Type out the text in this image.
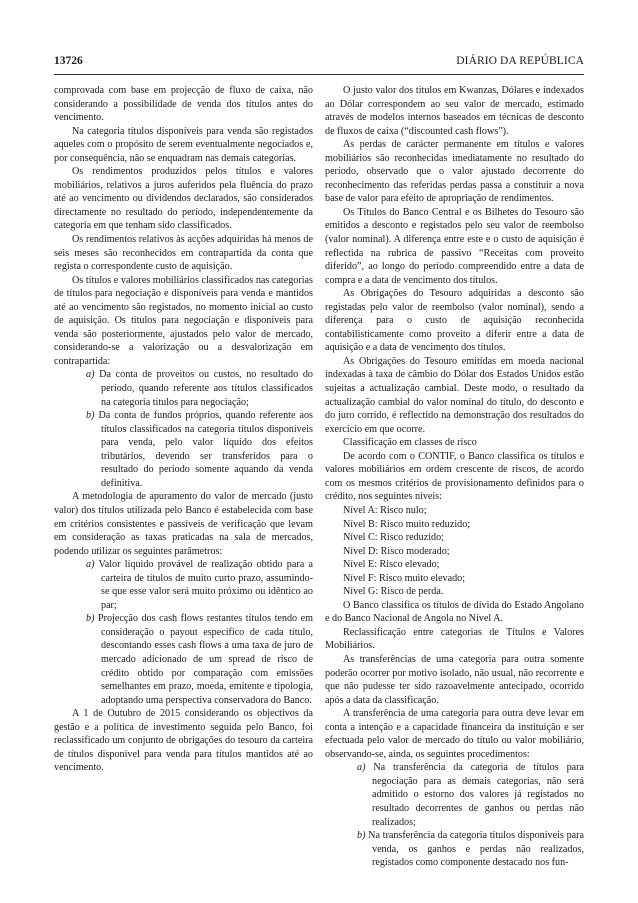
13726	DIÁRIO DA REPÚBLICA

comprovada com base em projecção de fluxo de caixa, não considerando a possibilidade de venda dos títulos antes do vencimento.

Na categoria títulos disponíveis para venda são registados aqueles com o propósito de serem eventualmente negociados e, por consequência, não se enquadram nas demais categorias.

Os rendimentos produzidos pelos títulos e valores mobiliários, relativos a juros auferidos pela fluência do prazo até ao vencimento ou dividendos declarados, são considerados directamente no resultado do período, independentemente da categoria em que tenham sido classificados.

Os rendimentos relativos às acções adquiridas há menos de seis meses são reconhecidos em contrapartida da conta que regista o correspondente custo de aquisição.

Os títulos e valores mobiliários classificados nas categorias de títulos para negociação e disponíveis para venda e mantidos até ao vencimento são registados, no momento inicial ao custo de aquisição. Os títulos para negociação e disponíveis para venda são posteriormente, ajustados pelo valor de mercado, considerando-se a valorização ou a desvalorização em contrapartida:

a) Da conta de proveitos ou custos, no resultado do período, quando referente aos títulos classificados na categoria títulos para negociação;

b) Da conta de fundos próprios, quando referente aos títulos classificados na categoria títulos disponíveis para venda, pelo valor líquido dos efeitos tributários, devendo ser transferidos para o resultado do período somente aquando da venda definitiva.

A metodologia de apuramento do valor de mercado (justo valor) dos títulos utilizada pelo Banco é estabelecida com base em critérios consistentes e passíveis de verificação que levam em consideração as taxas praticadas na sala de mercados, podendo utilizar os seguintes parâmetros:

a) Valor líquido provável de realização obtido para a carteira de títulos de muito curto prazo, assumindo-se que esse valor será muito próximo ou idêntico ao par;

b) Projecção dos cash flows restantes títulos tendo em consideração o payout específico de cada título, descontando esses cash flows a uma taxa de juro de mercado adicionado de um spread de risco de crédito obtido por comparação com emissões semelhantes em prazo, moeda, emitente e tipologia, adoptando uma perspectiva conservadora do Banco.

A 1 de Outubro de 2015 considerando os objectivos da gestão e a política de investimento seguida pelo Banco, foi reclassificado um conjunto de obrigações do tesouro da carteira de títulos disponível para venda para títulos mantidos até ao vencimento.

O justo valor dos títulos em Kwanzas, Dólares e indexados ao Dólar correspondem ao seu valor de mercado, estimado através de modelos internos baseados em técnicas de desconto de fluxos de caixa (“discounted cash flows”).

As perdas de carácter permanente em títulos e valores mobiliários são reconhecidas imediatamente no resultado do período, observado que o valor ajustado decorrente do reconhecimento das referidas perdas passa a constituir a nova base de valor para efeito de apropriação de rendimentos.

Os Títulos do Banco Central e os Bilhetes do Tesouro são emitidos a desconto e registados pelo seu valor de reembolso (valor nominal). A diferença entre este e o custo de aquisição é reflectida na rubrica de passivo “Receitas com proveito diferido”, ao longo do período compreendido entre a data de compra e a data de vencimento dos títulos.

As Obrigações do Tesouro adquiridas a desconto são registadas pelo valor de reembolso (valor nominal), sendo a diferença para o custo de aquisição reconhecida contabilisticamente como proveito a diferir entre a data de aquisição e a data de vencimento dos títulos.

As Obrigações do Tesouro emitidas em moeda nacional indexadas à taxa de câmbio do Dólar dos Estados Unidos estão sujeitas a actualização cambial. Deste modo, o resultado da actualização cambial do valor nominal do título, do desconto e do juro corrido, é reflectido na demonstração dos resultados do exercício em que ocorre.

Classificação em classes de risco

De acordo com o CONTIF, o Banco classifica os títulos e valores mobiliários em ordem crescente de riscos, de acordo com os mesmos critérios de provisionamento definidos para o crédito, nos seguintes níveis:

Nível A: Risco nulo;

Nível B: Risco muito reduzido;

Nível C: Risco reduzido;

Nível D: Risco moderado;

Nível E: Risco elevado;

Nível F: Risco muito elevado;

Nível G: Risco de perda.

O Banco classifica os títulos de dívida do Estado Angolano e do Banco Nacional de Angola no Nível A.

Reclassificação entre categorias de Títulos e Valores Mobiliários.

As transferências de uma categoria para outra somente poderão ocorrer por motivo isolado, não usual, não recorrente e que não pudesse ter sido razoavelmente antecipado, ocorrido após a data da classificação.

A transferência de uma categoria para outra deve levar em conta a intenção e a capacidade financeira da instituição e ser efectuada pelo valor de mercado do título ou valor mobiliário, observando-se, ainda, os seguintes procedimentos:

a) Na transferência da categoria de títulos para negociação para as demais categorias, não será admitido o estorno dos valores já registados no resultado decorrentes de ganhos ou perdas não realizados;

b) Na transferência da categoria títulos disponíveis para venda, os ganhos e perdas não realizados, registados como componente destacado nos fun-
